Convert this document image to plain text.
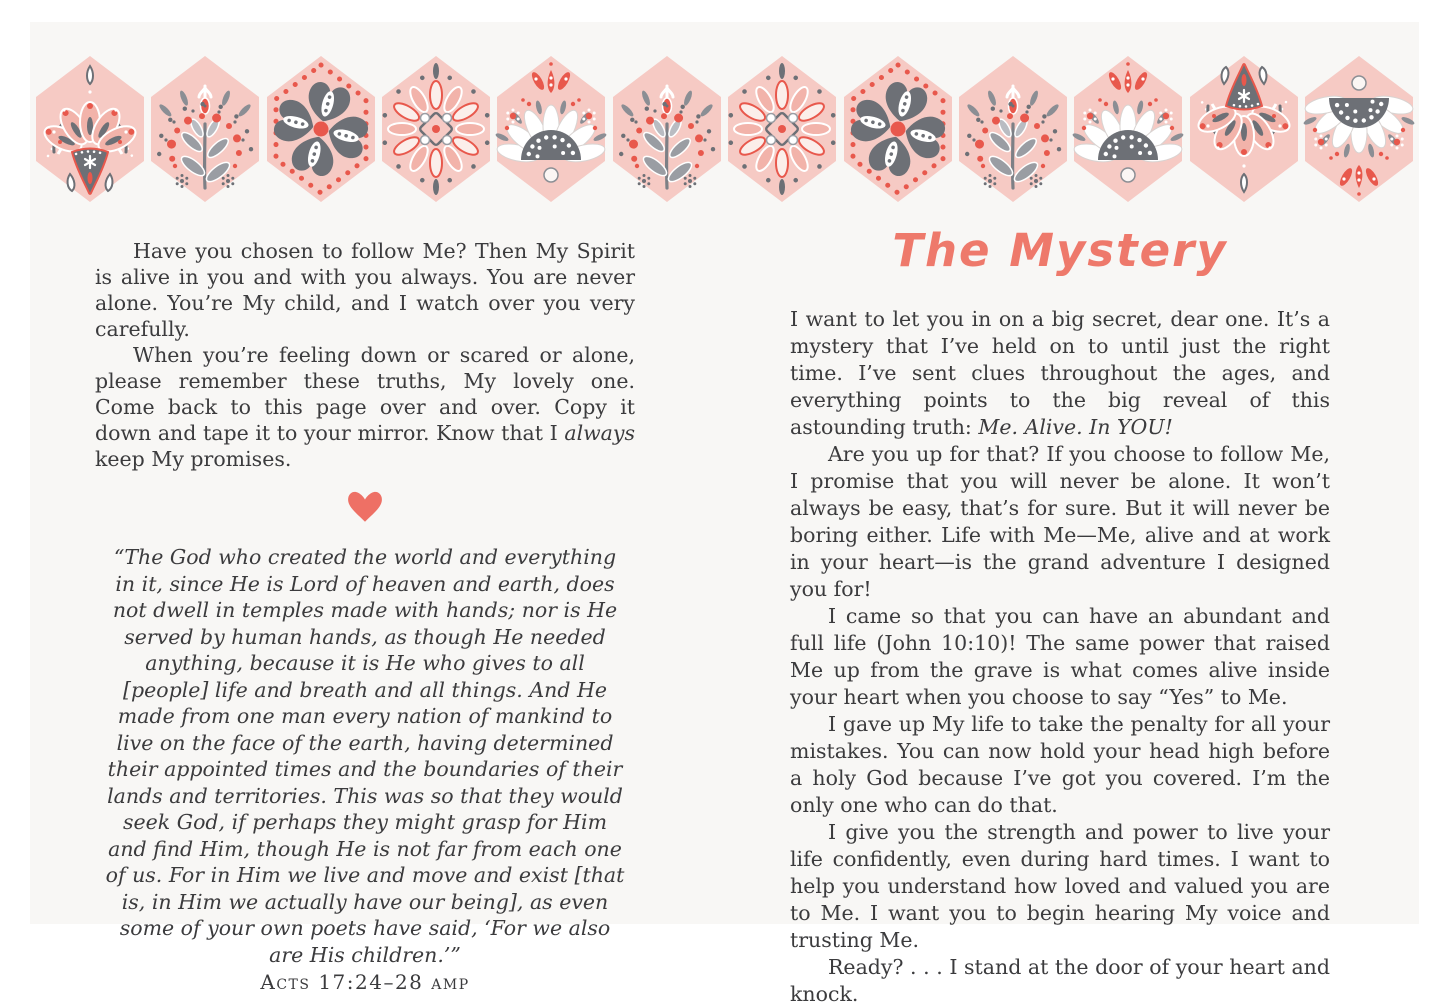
Have you chosen to follow Me? Then My Spirit is alive in you and with you always. You are never alone. You’re My child, and I watch over you very carefully.

When you’re feeling down or scared or alone, please remember these truths, My lovely one. Come back to this page over and over. Copy it down and tape it to your mirror. Know that I always keep My promises.

“The God who created the world and everything in it, since He is Lord of heaven and earth, does not dwell in temples made with hands; nor is He served by human hands, as though He needed anything, because it is He who gives to all [people] life and breath and all things. And He made from one man every nation of mankind to live on the face of the earth, having determined their appointed times and the boundaries of their lands and territories. This was so that they would seek God, if perhaps they might grasp for Him and find Him, though He is not far from each one of us. For in Him we live and move and exist [that is, in Him we actually have our being], as even some of your own poets have said, ‘For we also are His children.’”
Acts 17:24–28 amp
The Mystery

I want to let you in on a big secret, dear one. It’s a mystery that I’ve held on to until just the right time. I’ve sent clues throughout the ages, and everything points to the big reveal of this astounding truth: Me. Alive. In YOU!

Are you up for that? If you choose to follow Me, I promise that you will never be alone. It won’t always be easy, that’s for sure. But it will never be boring either. Life with Me—Me, alive and at work in your heart—is the grand adventure I designed you for!

I came so that you can have an abundant and full life (John 10:10)! The same power that raised Me up from the grave is what comes alive inside your heart when you choose to say “Yes” to Me.

I gave up My life to take the penalty for all your mistakes. You can now hold your head high before a holy God because I’ve got you covered. I’m the only one who can do that.

I give you the strength and power to live your life confidently, even during hard times. I want to help you understand how loved and valued you are to Me. I want you to begin hearing My voice and trusting Me.

Ready? . . . I stand at the door of your heart and knock.
